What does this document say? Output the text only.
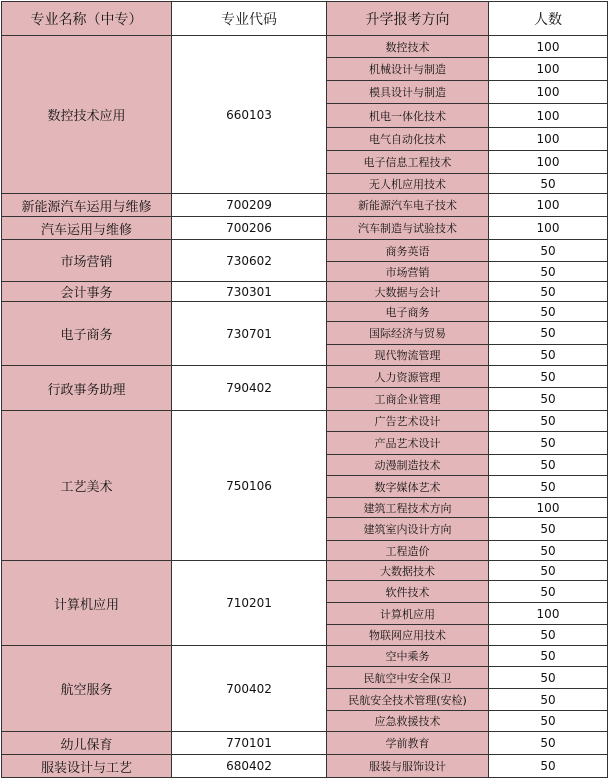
专业名称（中专）	专业代码	升学报考方向	人数
数控技术应用	660103	数控技术	100
		机械设计与制造	100
		模具设计与制造	100
		机电一体化技术	100
		电气自动化技术	100
		电子信息工程技术	100
		无人机应用技术	50
新能源汽车运用与维修	700209	新能源汽车电子技术	100
汽车运用与维修	700206	汽车制造与试验技术	100
市场营销	730602	商务英语	50
		市场营销	50
会计事务	730301	大数据与会计	50
电子商务	730701	电子商务	50
		国际经济与贸易	50
		现代物流管理	50
行政事务助理	790402	人力资源管理	50
		工商企业管理	50
工艺美术	750106	广告艺术设计	50
		产品艺术设计	50
		动漫制造技术	50
		数字媒体艺术	50
		建筑工程技术方向	100
		建筑室内设计方向	50
		工程造价	50
计算机应用	710201	大数据技术	50
		软件技术	50
		计算机应用	100
		物联网应用技术	50
航空服务	700402	空中乘务	50
		民航空中安全保卫	50
		民航安全技术管理(安检)	50
		应急救援技术	50
幼儿保育	770101	学前教育	50
服装设计与工艺	680402	服装与服饰设计	50
